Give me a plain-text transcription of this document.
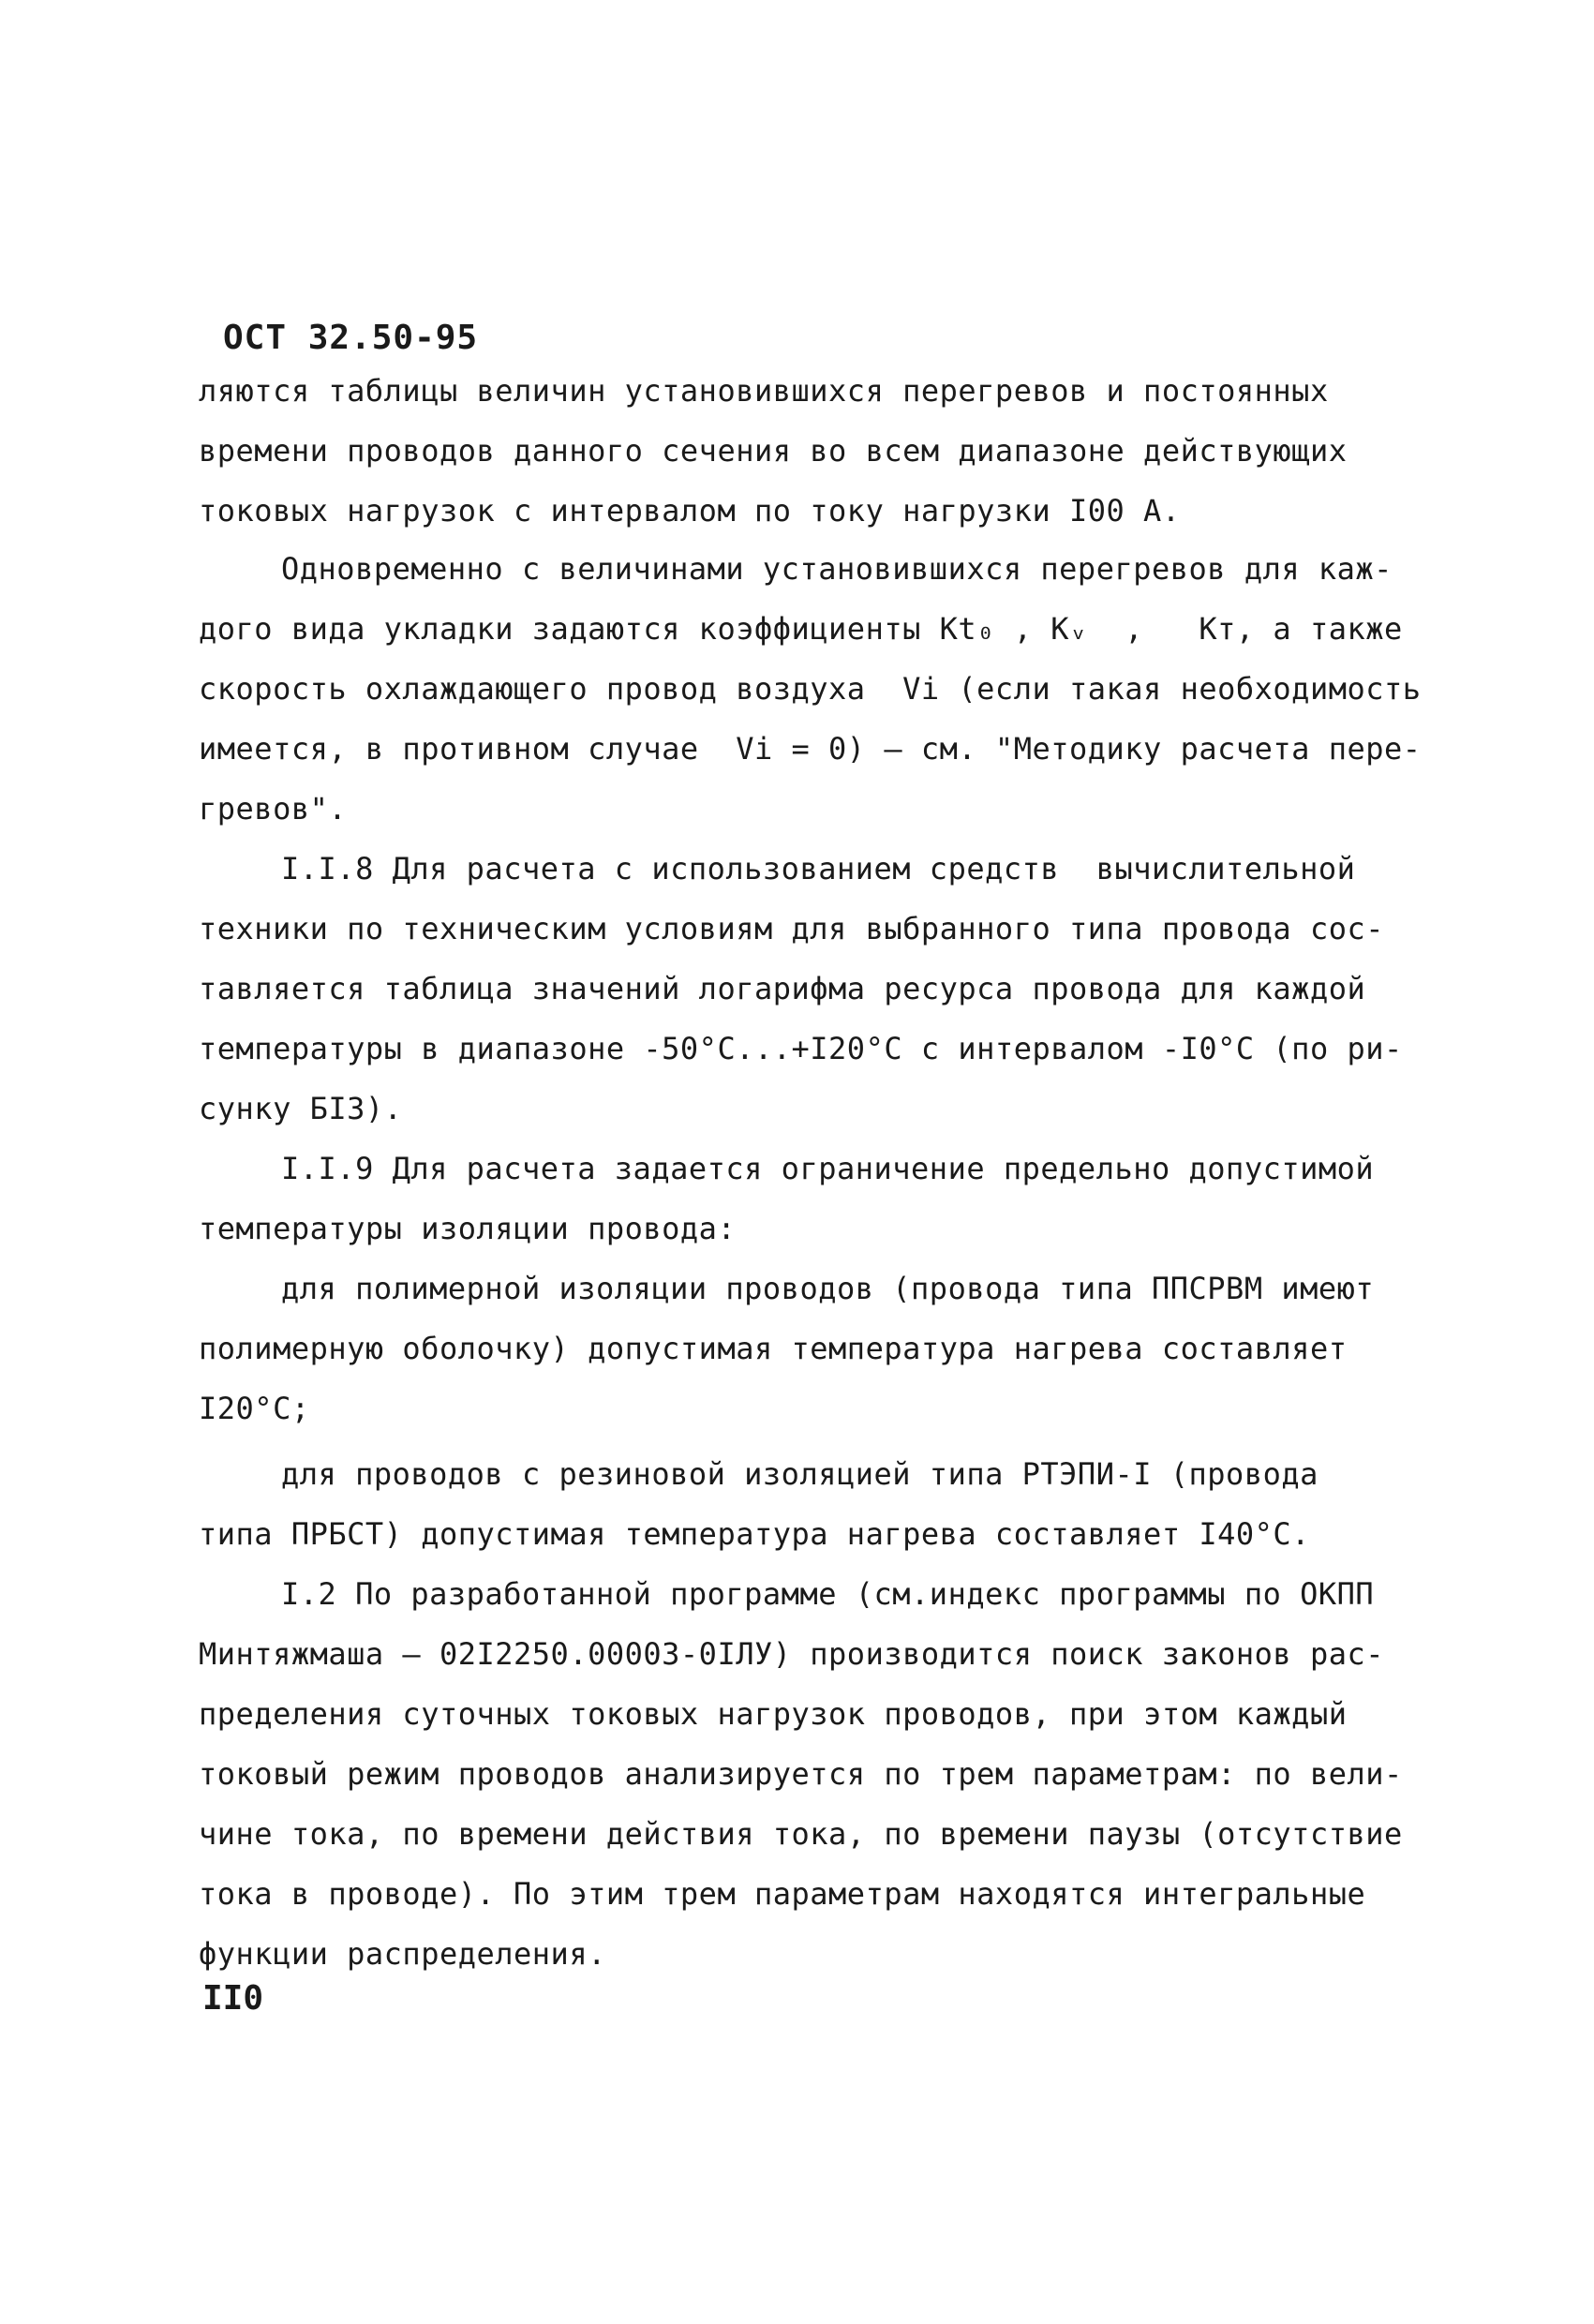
ОСТ 32.50-95
ляются таблицы величин установившихся перегревов и постоянных
времени проводов данного сечения во всем диапазоне действующих
токовых нагрузок с интервалом по току нагрузки I00 А.
Одновременно с величинами установившихся перегревов для каж-
дого вида укладки задаются коэффициенты Kt₀ , Kᵥ  ,   Kт, а также
скорость охлаждающего провод воздуха  Vi (если такая необходимость
имеется, в противном случае  Vi = 0) – см. "Методику расчета пере-
гревов".
I.I.8 Для расчета с использованием средств  вычислительной
техники по техническим условиям для выбранного типа провода сос-
тавляется таблица значений логарифма ресурса провода для каждой
температуры в диапазоне -50°С...+I20°С с интервалом -I0°С (по ри-
сунку БI3).
I.I.9 Для расчета задается ограничение предельно допустимой
температуры изоляции провода:
для полимерной изоляции проводов (провода типа ППСРВМ имеют
полимерную оболочку) допустимая температура нагрева составляет
I20°С;
для проводов с резиновой изоляцией типа РТЭПИ-I (провода
типа ПРБСТ) допустимая температура нагрева составляет I40°С.
I.2 По разработанной программе (см.индекс программы по ОКПП
Минтяжмаша – 02I2250.00003-0IЛУ) производится поиск законов рас-
пределения суточных токовых нагрузок проводов, при этом каждый
токовый режим проводов анализируется по трем параметрам: по вели-
чине тока, по времени действия тока, по времени паузы (отсутствие
тока в проводе). По этим трем параметрам находятся интегральные
функции распределения.
II0
